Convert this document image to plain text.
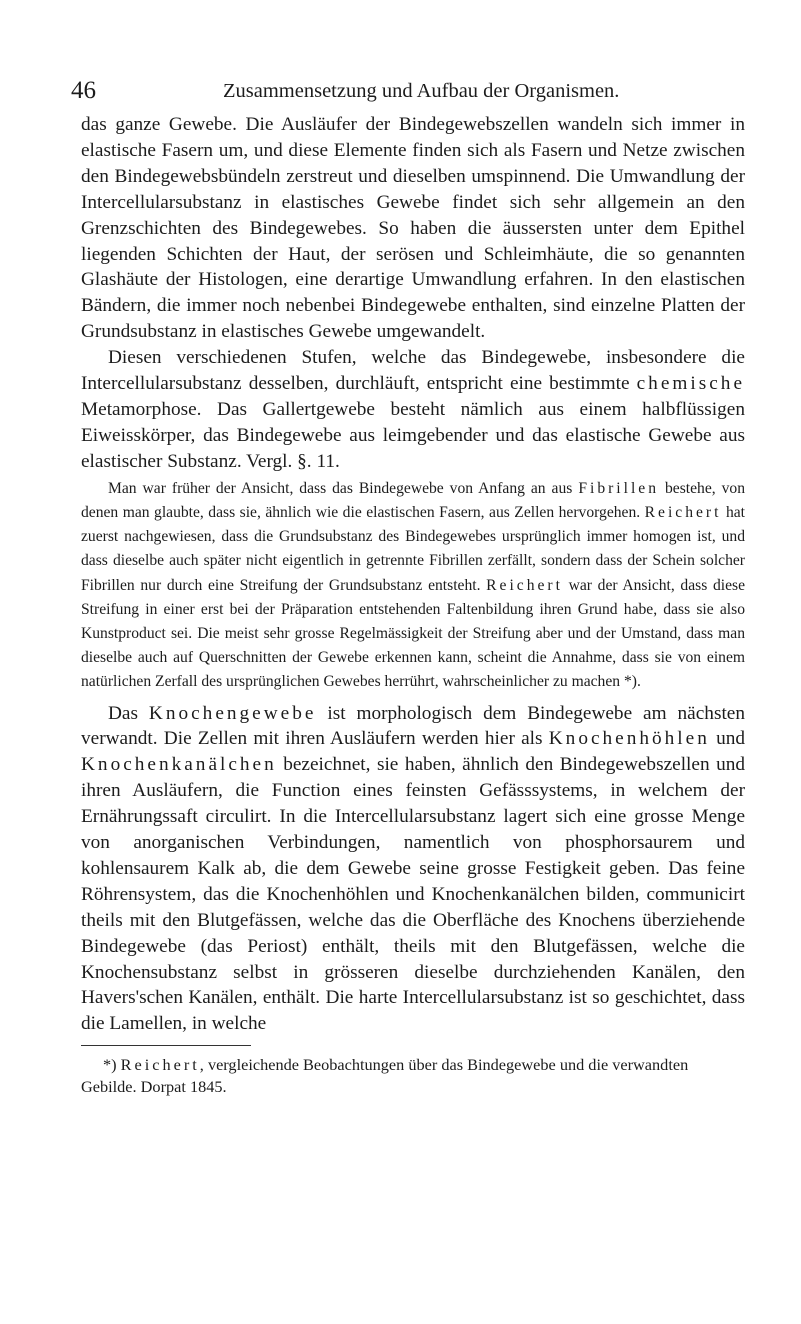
46	Zusammensetzung und Aufbau der Organismen.

das ganze Gewebe. Die Ausläufer der Bindegewebszellen wandeln sich immer in elastische Fasern um, und diese Elemente finden sich als Fasern und Netze zwischen den Bindegewebsbündeln zerstreut und dieselben umspinnend. Die Umwandlung der Intercellularsubstanz in elastisches Gewebe findet sich sehr allgemein an den Grenzschichten des Bindegewebes. So haben die äussersten unter dem Epithel liegenden Schichten der Haut, der serösen und Schleimhäute, die so genannten Glashäute der Histologen, eine derartige Umwandlung erfahren. In den elastischen Bändern, die immer noch nebenbei Bindegewebe enthalten, sind einzelne Platten der Grundsubstanz in elastisches Gewebe umgewandelt.

Diesen verschiedenen Stufen, welche das Bindegewebe, insbesondere die Intercellularsubstanz desselben, durchläuft, entspricht eine bestimmte chemische Metamorphose. Das Gallertgewebe besteht nämlich aus einem halbflüssigen Eiweisskörper, das Bindegewebe aus leimgebender und das elastische Gewebe aus elastischer Substanz. Vergl. §. 11.

Man war früher der Ansicht, dass das Bindegewebe von Anfang an aus Fibrillen bestehe, von denen man glaubte, dass sie, ähnlich wie die elastischen Fasern, aus Zellen hervorgehen. Reichert hat zuerst nachgewiesen, dass die Grundsubstanz des Bindegewebes ursprünglich immer homogen ist, und dass dieselbe auch später nicht eigentlich in getrennte Fibrillen zerfällt, sondern dass der Schein solcher Fibrillen nur durch eine Streifung der Grundsubstanz entsteht. Reichert war der Ansicht, dass diese Streifung in einer erst bei der Präparation entstehenden Faltenbildung ihren Grund habe, dass sie also Kunstproduct sei. Die meist sehr grosse Regelmässigkeit der Streifung aber und der Umstand, dass man dieselbe auch auf Querschnitten der Gewebe erkennen kann, scheint die Annahme, dass sie von einem natürlichen Zerfall des ursprünglichen Gewebes herrührt, wahrscheinlicher zu machen *).

Das Knochengewebe ist morphologisch dem Bindegewebe am nächsten verwandt. Die Zellen mit ihren Ausläufern werden hier als Knochenhöhlen und Knochenkanälchen bezeichnet, sie haben, ähnlich den Bindegewebszellen und ihren Ausläufern, die Function eines feinsten Gefässsystems, in welchem der Ernährungssaft circulirt. In die Intercellularsubstanz lagert sich eine grosse Menge von anorganischen Verbindungen, namentlich von phosphorsaurem und kohlensaurem Kalk ab, die dem Gewebe seine grosse Festigkeit geben. Das feine Röhrensystem, das die Knochenhöhlen und Knochenkanälchen bilden, communicirt theils mit den Blutgefässen, welche das die Oberfläche des Knochens überziehende Bindegewebe (das Periost) enthält, theils mit den Blutgefässen, welche die Knochensubstanz selbst in grösseren dieselbe durchziehenden Kanälen, den Havers'schen Kanälen, enthält. Die harte Intercellularsubstanz ist so geschichtet, dass die Lamellen, in welche

*) Reichert, vergleichende Beobachtungen über das Bindegewebe und die verwandten Gebilde. Dorpat 1845.
